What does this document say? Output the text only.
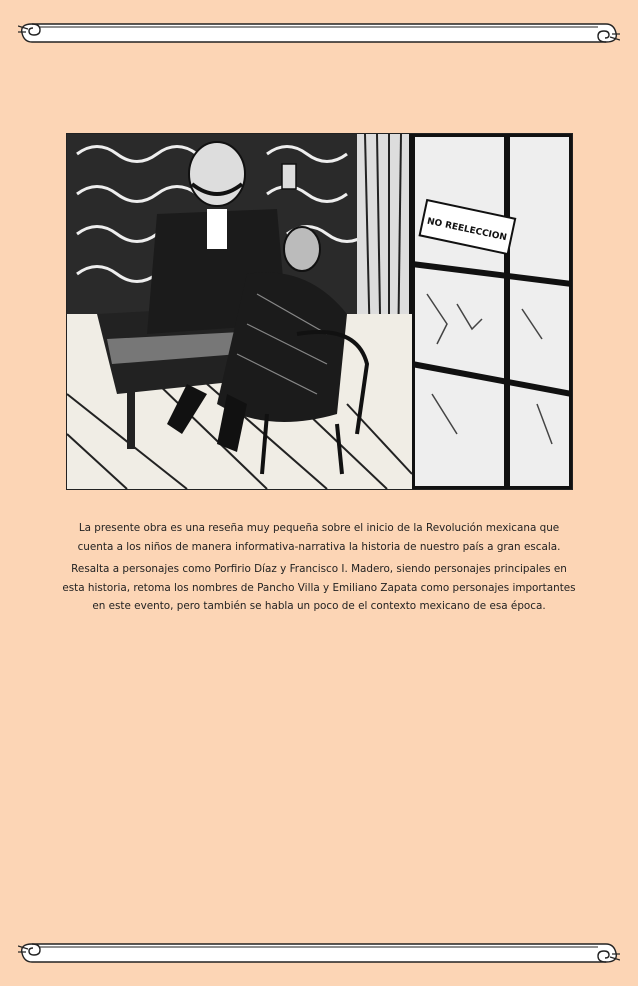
NO REELECCION

La presente obra es una reseña muy pequeña sobre el inicio de la Revolución mexicana que cuenta a los niños de manera informativa-narrativa la historia de nuestro país a gran escala.

Resalta a personajes como Porfirio Díaz y Francisco I. Madero, siendo personajes principales en esta historia, retoma los nombres de Pancho Villa y Emiliano Zapata como personajes importantes en este evento, pero también se habla un poco de el contexto mexicano de esa época.
